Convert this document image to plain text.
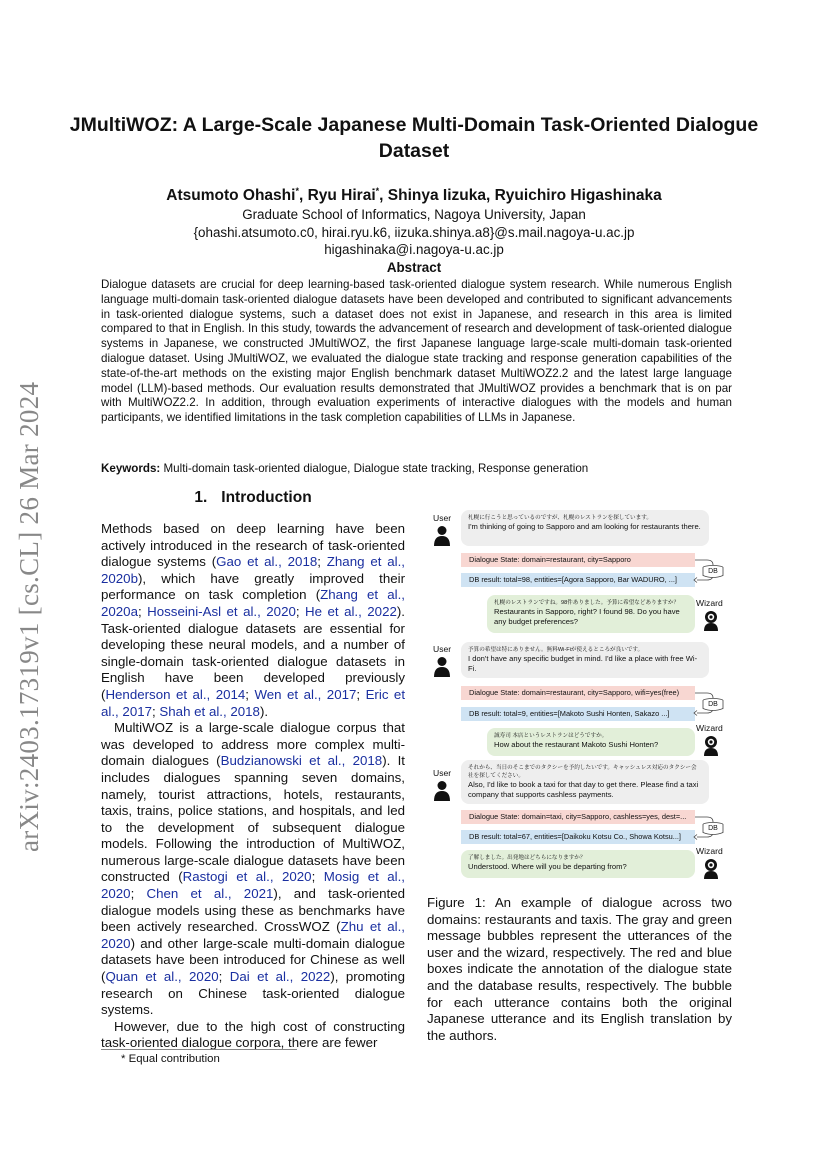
JMultiWOZ: A Large-Scale Japanese Multi-Domain Task-Oriented Dialogue Dataset
Atsumoto Ohashi*, Ryu Hirai*, Shinya Iizuka, Ryuichiro Higashinaka
Graduate School of Informatics, Nagoya University, Japan
{ohashi.atsumoto.c0, hirai.ryu.k6, iizuka.shinya.a8}@s.mail.nagoya-u.ac.jp
higashinaka@i.nagoya-u.ac.jp
Abstract
Dialogue datasets are crucial for deep learning-based task-oriented dialogue system research. While numerous English language multi-domain task-oriented dialogue datasets have been developed and contributed to significant advancements in task-oriented dialogue systems, such a dataset does not exist in Japanese, and research in this area is limited compared to that in English. In this study, towards the advancement of research and development of task-oriented dialogue systems in Japanese, we constructed JMultiWOZ, the first Japanese language large-scale multi-domain task-oriented dialogue dataset. Using JMultiWOZ, we evaluated the dialogue state tracking and response generation capabilities of the state-of-the-art methods on the existing major English benchmark dataset MultiWOZ2.2 and the latest large language model (LLM)-based methods. Our evaluation results demonstrated that JMultiWOZ provides a benchmark that is on par with MultiWOZ2.2. In addition, through evaluation experiments of interactive dialogues with the models and human participants, we identified limitations in the task completion capabilities of LLMs in Japanese.
Keywords: Multi-domain task-oriented dialogue, Dialogue state tracking, Response generation
arXiv:2403.17319v1 [cs.CL] 26 Mar 2024	1. Introduction

Methods based on deep learning have been actively introduced in the research of task-oriented dialogue systems (Gao et al., 2018; Zhang et al., 2020b), which have greatly improved their performance on task completion (Zhang et al., 2020a; Hosseini-Asl et al., 2020; He et al., 2022). Task-oriented dialogue datasets are essential for developing these neural models, and a number of single-domain task-oriented dialogue datasets in English have been developed previously (Henderson et al., 2014; Wen et al., 2017; Eric et al., 2017; Shah et al., 2018).

MultiWOZ is a large-scale dialogue corpus that was developed to address more complex multi-domain dialogues (Budzianowski et al., 2018). It includes dialogues spanning seven domains, namely, tourist attractions, hotels, restaurants, taxis, trains, police stations, and hospitals, and led to the development of subsequent dialogue models. Following the introduction of MultiWOZ, numerous large-scale dialogue datasets have been constructed (Rastogi et al., 2020; Mosig et al., 2020; Chen et al., 2021), and task-oriented dialogue models using these as benchmarks have been actively researched. CrossWOZ (Zhu et al., 2020) and other large-scale multi-domain dialogue datasets have been introduced for Chinese as well (Quan et al., 2020; Dai et al., 2022), promoting research on Chinese task-oriented dialogue systems.

However, due to the high cost of constructing task-oriented dialogue corpora, there are fewer

* Equal contribution
User	札幌に行こうと思っているのですが、札幌のレストランを探しています。
I'm thinking of going to Sapporo and am looking for restaurants there.
Dialogue State: domain=restaurant, city=Sapporo
DB result: total=98, entities=[Agora Sapporo, Bar WADURO, ...]
DB
Wizard
札幌のレストランですね。98件ありました。予算に希望などありますか？
Restaurants in Sapporo, right? I found 98. Do you have any budget preferences?
User	予算の希望は特にありません。無料Wi-Fiが使えるところが良いです。
I don't have any specific budget in mind. I'd like a place with free Wi-Fi.
Dialogue State: domain=restaurant, city=Sapporo, wifi=yes(free)
DB result: total=9, entities=[Makoto Sushi Honten, Sakazo ...]
DB
Wizard
誠寿司 本店というレストランはどうですか。
How about the restaurant Makoto Sushi Honten?
User	それから、当日のそこまでのタクシーを予約したいです。キャッシュレス対応のタクシー会社を探してください。
Also, I'd like to book a taxi for that day to get there. Please find a taxi company that supports cashless payments.
Dialogue State: domain=taxi, city=Sapporo, cashless=yes, dest=...
DB result: total=67, entities=[Daikoku Kotsu Co., Showa Kotsu...]
DB
Wizard
了解しました。出発地はどちらになりますか？
Understood. Where will you be departing from?
Figure 1: An example of dialogue across two domains: restaurants and taxis. The gray and green message bubbles represent the utterances of the user and the wizard, respectively. The red and blue boxes indicate the annotation of the dialogue state and the database results, respectively. The bubble for each utterance contains both the original Japanese utterance and its English translation by the authors.
